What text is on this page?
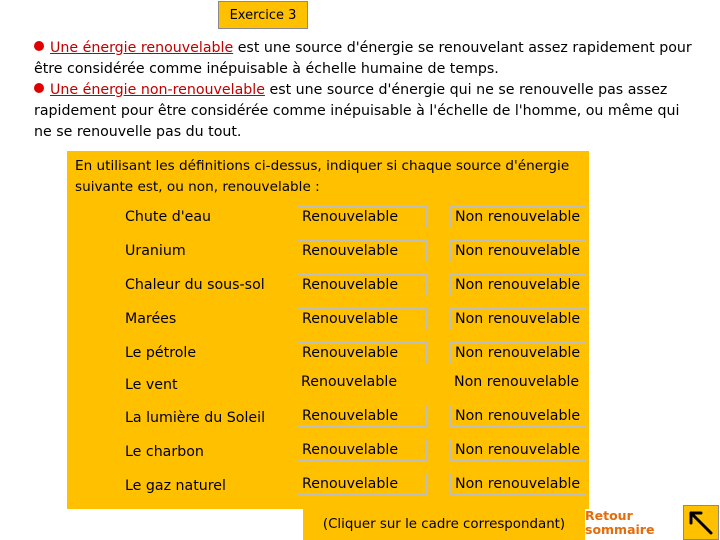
Exercice 3

Une énergie renouvelable est une source d'énergie se renouvelant assez rapidement pour être considérée comme inépuisable à échelle humaine de temps.

Une énergie non-renouvelable est une source d'énergie qui ne se renouvelle pas assez rapidement pour être considérée comme inépuisable à l'échelle de l'homme, ou même qui ne se renouvelle pas du tout.

En utilisant les définitions ci-dessus, indiquer si chaque source d'énergie suivante est, ou non, renouvelable :
Chute d'eau	Renouvelable	Non renouvelable
Uranium	Renouvelable	Non renouvelable
Chaleur du sous-sol	Renouvelable	Non renouvelable
Marées	Renouvelable	Non renouvelable
Le pétrole	Renouvelable	Non renouvelable
Le vent	Renouvelable	Non renouvelable
La lumière du Soleil	Renouvelable	Non renouvelable
Le charbon	Renouvelable	Non renouvelable
Le gaz naturel	Renouvelable	Non renouvelable
(Cliquer sur le cadre correspondant)
Retour
sommaire
